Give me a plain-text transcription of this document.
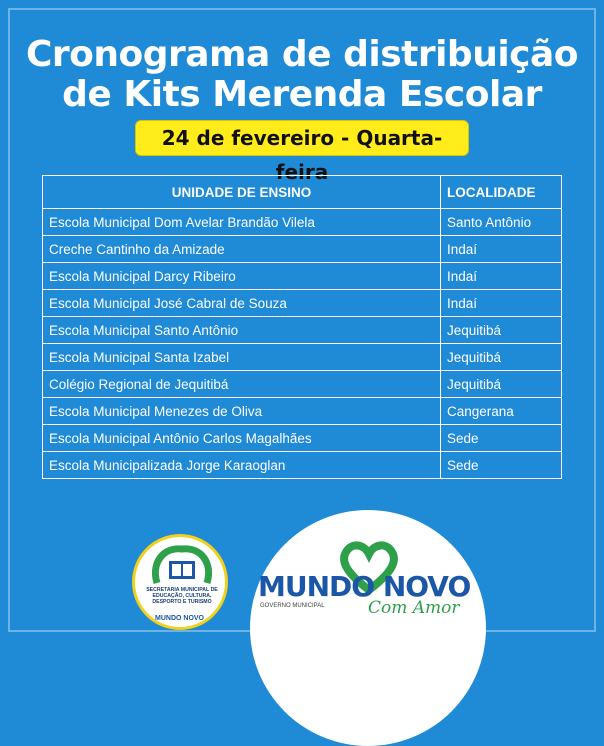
Cronograma de distribuição
de Kits Merenda Escolar
24 de fevereiro - Quarta-feira
UNIDADE DE ENSINO	LOCALIDADE
Escola Municipal Dom Avelar Brandão Vilela	Santo Antônio
Creche Cantinho da Amizade	Indaí
Escola Municipal Darcy Ribeiro	Indaí
Escola Municipal José Cabral de Souza	Indaí
Escola Municipal Santo Antônio	Jequitibá
Escola Municipal Santa Izabel	Jequitibá
Colégio Regional de Jequitibá	Jequitibá
Escola Municipal Menezes de Oliva	Cangerana
Escola Municipal Antônio Carlos Magalhães	Sede
Escola Municipalizada Jorge Karaoglan	Sede
SECRETARIA MUNICIPAL DE EDUCAÇÃO, CULTURA, DESPORTO E TURISMO
MUNDO NOVO
MUNDO NOVO
GOVERNO MUNICIPAL	Com Amor
